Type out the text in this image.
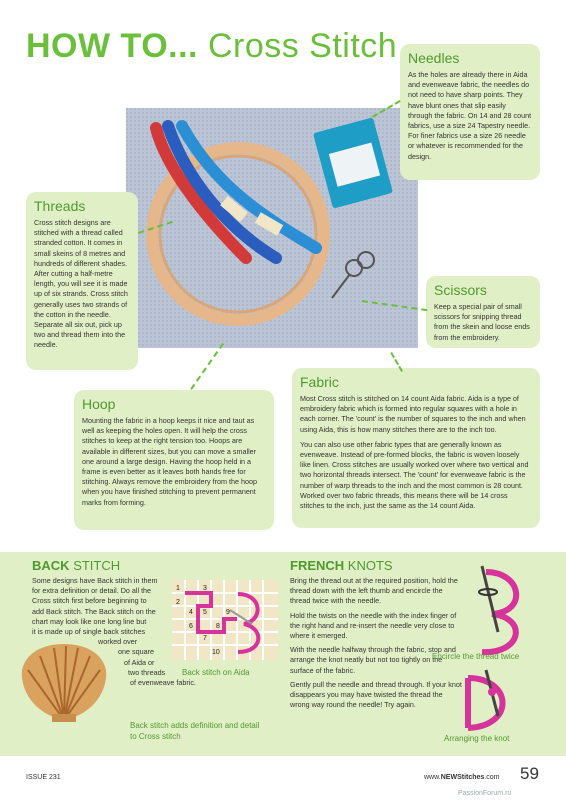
HOW TO... Cross Stitch Needles

As the holes are already there in Aida and evenweave fabric, the needles do not need to have sharp points. They have blunt ones that slip easily through the fabric. On 14 and 28 count fabrics, use a size 24 Tapestry needle. For finer fabrics use a size 26 needle or whatever is recommended for the design.

Threads

Cross stitch designs are stitched with a thread called stranded cotton. It comes in small skeins of 8 metres and hundreds of different shades. After cutting a half-metre length, you will see it is made up of six strands. Cross stitch generally uses two strands of the cotton in the needle. Separate all six out, pick up two and thread them into the needle.

Scissors

Keep a special pair of small scissors for snipping thread from the skein and loose ends from the embroidery.

Fabric

Most Cross stitch is stitched on 14 count Aida fabric. Aida is a type of embroidery fabric which is formed into regular squares with a hole in each corner. The 'count' is the number of squares to the inch and when using Aida, this is how many stitches there are to the inch too.

You can also use other fabric types that are generally known as evenweave. Instead of pre-formed blocks, the fabric is woven loosely like linen. Cross stitches are usually worked over where two vertical and two horizontal threads intersect. The 'count' for evenweave fabric is the number of warp threads to the inch and the most common is 28 count. Worked over two fabric threads, this means there will be 14 cross stitches to the inch, just the same as the 14 count Aida.

Hoop

Mounting the fabric in a hoop keeps it nice and taut as well as keeping the holes open. It will help the cross stitches to keep at the right tension too. Hoops are available in different sizes, but you can move a smaller one around a large design. Having the hoop held in a frame is even better as it leaves both hands free for stitching. Always remove the embroidery from the hoop when you have finished stitching to prevent permanent marks from forming.

BACK STITCH
Some designs have Back stitch in them
for extra definition or detail. Do all the
Cross stitch first before beginning to
add Back stitch. The Back stitch on the
chart may look like one long line but
it is made up of single back stitches
worked over
one square
of Aida or
two threads
of evenweave fabric.
1
2
3
4 5
6
7
8
9
10
Back stitch on Aida
Back stitch adds definition and detail to Cross stitch
FRENCH KNOTS
Bring the thread out at the required position, hold the thread down with the left thumb and encircle the thread twice with the needle.
Hold the twists on the needle with the index finger of the right hand and re-insert the needle very close to where it emerged.
With the needle halfway through the fabric, stop and arrange the knot neatly but not too tightly on the surface of the fabric.
Gently pull the needle and thread through. If your knot disappears you may have twisted the thread the wrong way round the needle! Try again.
Encircle the thread twice
Arranging the knot
ISSUE 231	www.NEWStitches.com 59
PassionForum.ru
